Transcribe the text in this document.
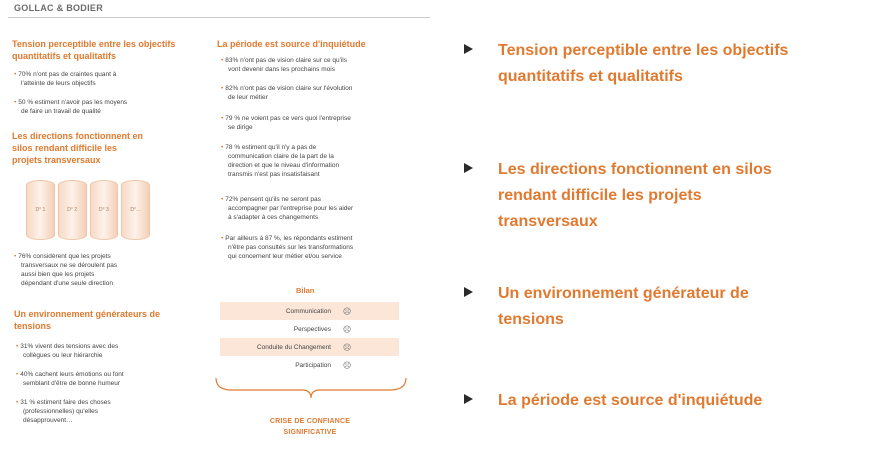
GOLLAC & BODIER
Tension perceptible entre les objectifs
quantitatifs et qualitatifs
• 70% n'ont pas de craintes quant à
l'atteinte de leurs objectifs
• 50 % estiment n'avoir pas les moyens
de faire un travail de qualité
Les directions fonctionnent en
silos rendant difficile les
projets transversaux
D° 1	D° 2	D° 3	D°…
• 76% considèrent que les projets
transversaux ne se déroulent pas
aussi bien que les projets
dépendant d'une seule direction
Un environnement générateurs de
tensions
• 31% vivent des tensions avec des
collègues ou leur hiérarchie
• 40% cachent leurs émotions ou font
semblant d'être de bonne humeur
• 31 % estiment faire des choses
(professionnelles) qu'elles
désapprouvent…
La période est source d'inquiétude
• 83% n'ont pas de vision claire sur ce qu'ils
vont devenir dans les prochains mois
• 82% n'ont pas de vision claire sur l'évolution
de leur métier
• 79 % ne voient pas ce vers quoi l'entreprise
se dirige
• 78 % estiment qu'il n'y a pas de
communication claire de la part de la
direction et que le niveau d'information
transmis n'est pas insatisfaisant
• 72% pensent qu'ils ne seront pas
accompagner par l'entreprise pour les aider
à s'adapter à ces changements
• Par ailleurs à 87 %, les répondants estiment
n'être pas consultés sur les transformations
qui concernent leur métier et/ou service
Bilan
Communication	☹
Perspectives	☹
Conduite du Changement	☹
Participation	☹
CRISE DE CONFIANCE
SIGNIFICATIVE
Tension perceptible entre les objectifs
quantitatifs et qualitatifs
Les directions fonctionnent en silos
rendant difficile les projets
transversaux
Un environnement générateur de
tensions
La période est source d'inquiétude
